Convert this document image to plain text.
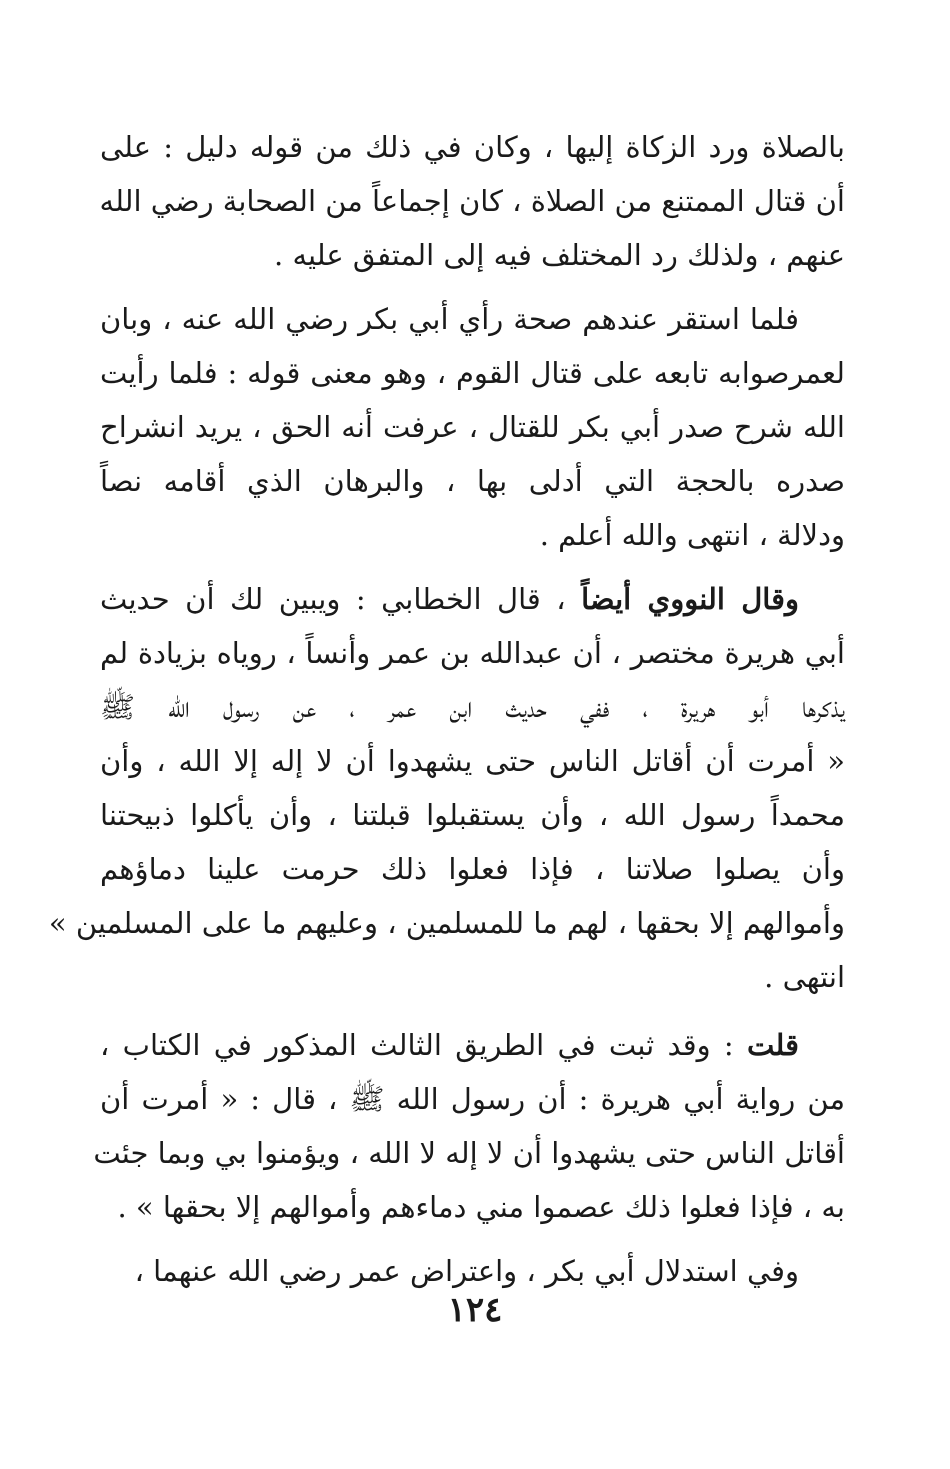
بالصلاة ورد الزكاة إليها ، وكان في ذلك من قوله دليل : على
أن قتال الممتنع من الصلاة ، كان إجماعاً من الصحابة رضي الله
عنهم ، ولذلك رد المختلف فيه إلى المتفق عليه .
فلما استقر عندهم صحة رأي أبي بكر رضي الله عنه ، وبان
لعمرصوابه تابعه على قتال القوم ، وهو معنى قوله : فلما رأيت
الله شرح صدر أبي بكر للقتال ، عرفت أنه الحق ، يريد انشراح
صدره بالحجة التي أدلى بها ، والبرهان الذي أقامه نصاً
ودلالة ، انتهى والله أعلم .
وقال النووي أيضاً ، قال الخطابي : ويبين لك أن حديث
أبي هريرة مختصر ، أن عبدالله بن عمر وأنساً ، روياه بزيادة لم
يذكرها أبو هريرة ، ففي حديث ابن عمر ، عن رسول الله ﷺ
« أمرت أن أقاتل الناس حتى يشهدوا أن لا إله إلا الله ، وأن
محمداً رسول الله ، وأن يستقبلوا قبلتنا ، وأن يأكلوا ذبيحتنا
وأن يصلوا صلاتنا ، فإذا فعلوا ذلك حرمت علينا دماؤهم
وأموالهم إلا بحقها ، لهم ما للمسلمين ، وعليهم ما على المسلمين »
انتهى .
قلت : وقد ثبت في الطريق الثالث المذكور في الكتاب ،
من رواية أبي هريرة : أن رسول الله ﷺ ، قال : « أمرت أن
أقاتل الناس حتى يشهدوا أن لا إله لا الله ، ويؤمنوا بي وبما جئت
به ، فإذا فعلوا ذلك عصموا مني دماءهم وأموالهم إلا بحقها » .
وفي استدلال أبي بكر ، واعتراض عمر رضي الله عنهما ،
١٢٤
